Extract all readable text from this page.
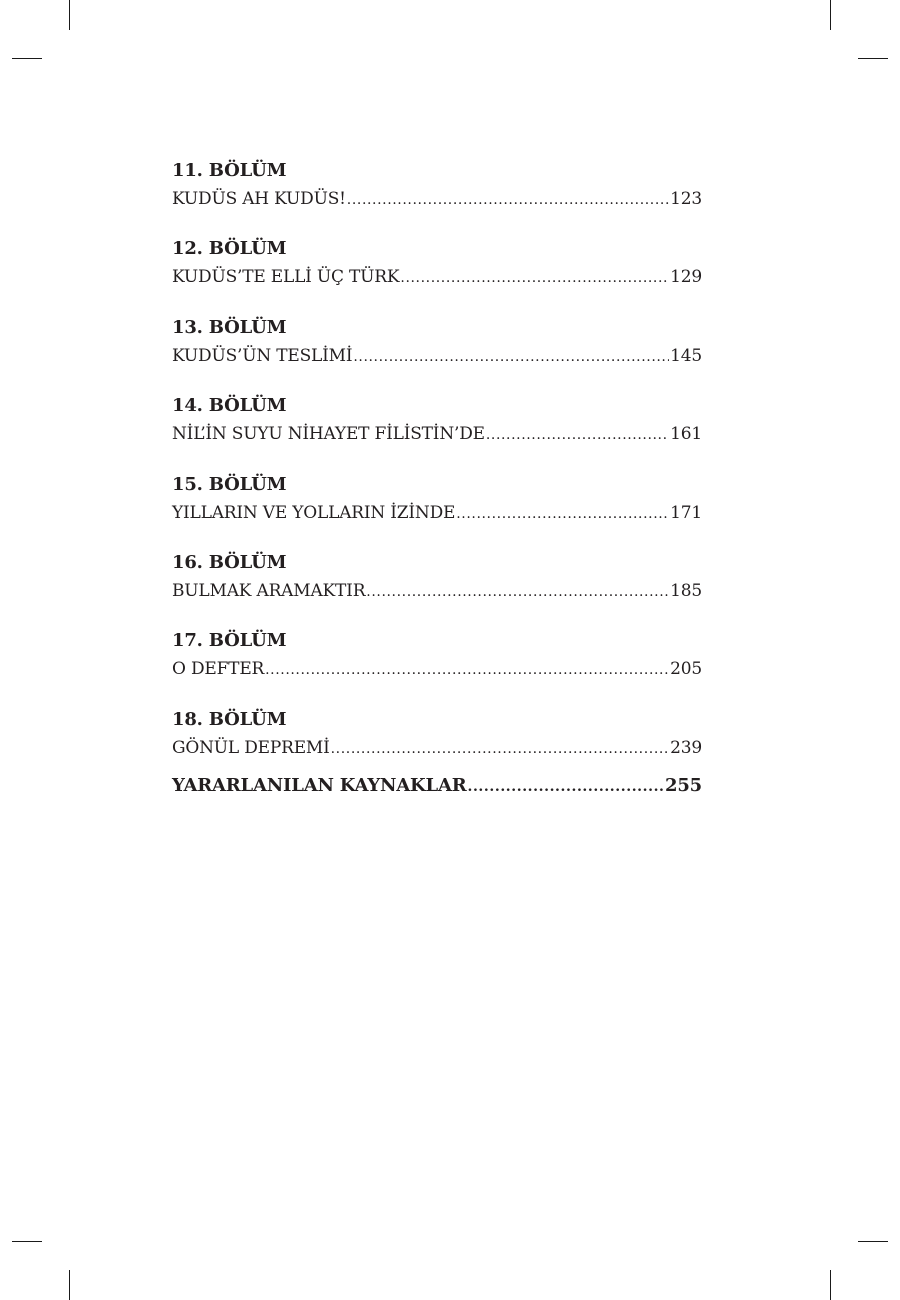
11. BÖLÜM
KUDÜS AH KUDÜS! .....	123
12. BÖLÜM
KUDÜS’TE ELLİ ÜÇ TÜRK .....	129
13. BÖLÜM
KUDÜS’ÜN TESLİMİ .....	145
14. BÖLÜM
NİL’İN SUYU NİHAYET FİLİSTİN’DE .....	161
15. BÖLÜM
YILLARIN VE YOLLARIN İZİNDE .....	171
16. BÖLÜM
BULMAK ARAMAKTIR .....	185
17. BÖLÜM
O DEFTER .....	205
18. BÖLÜM
GÖNÜL DEPREMİ .....	239
YARARLANILAN KAYNAKLAR .....	255
